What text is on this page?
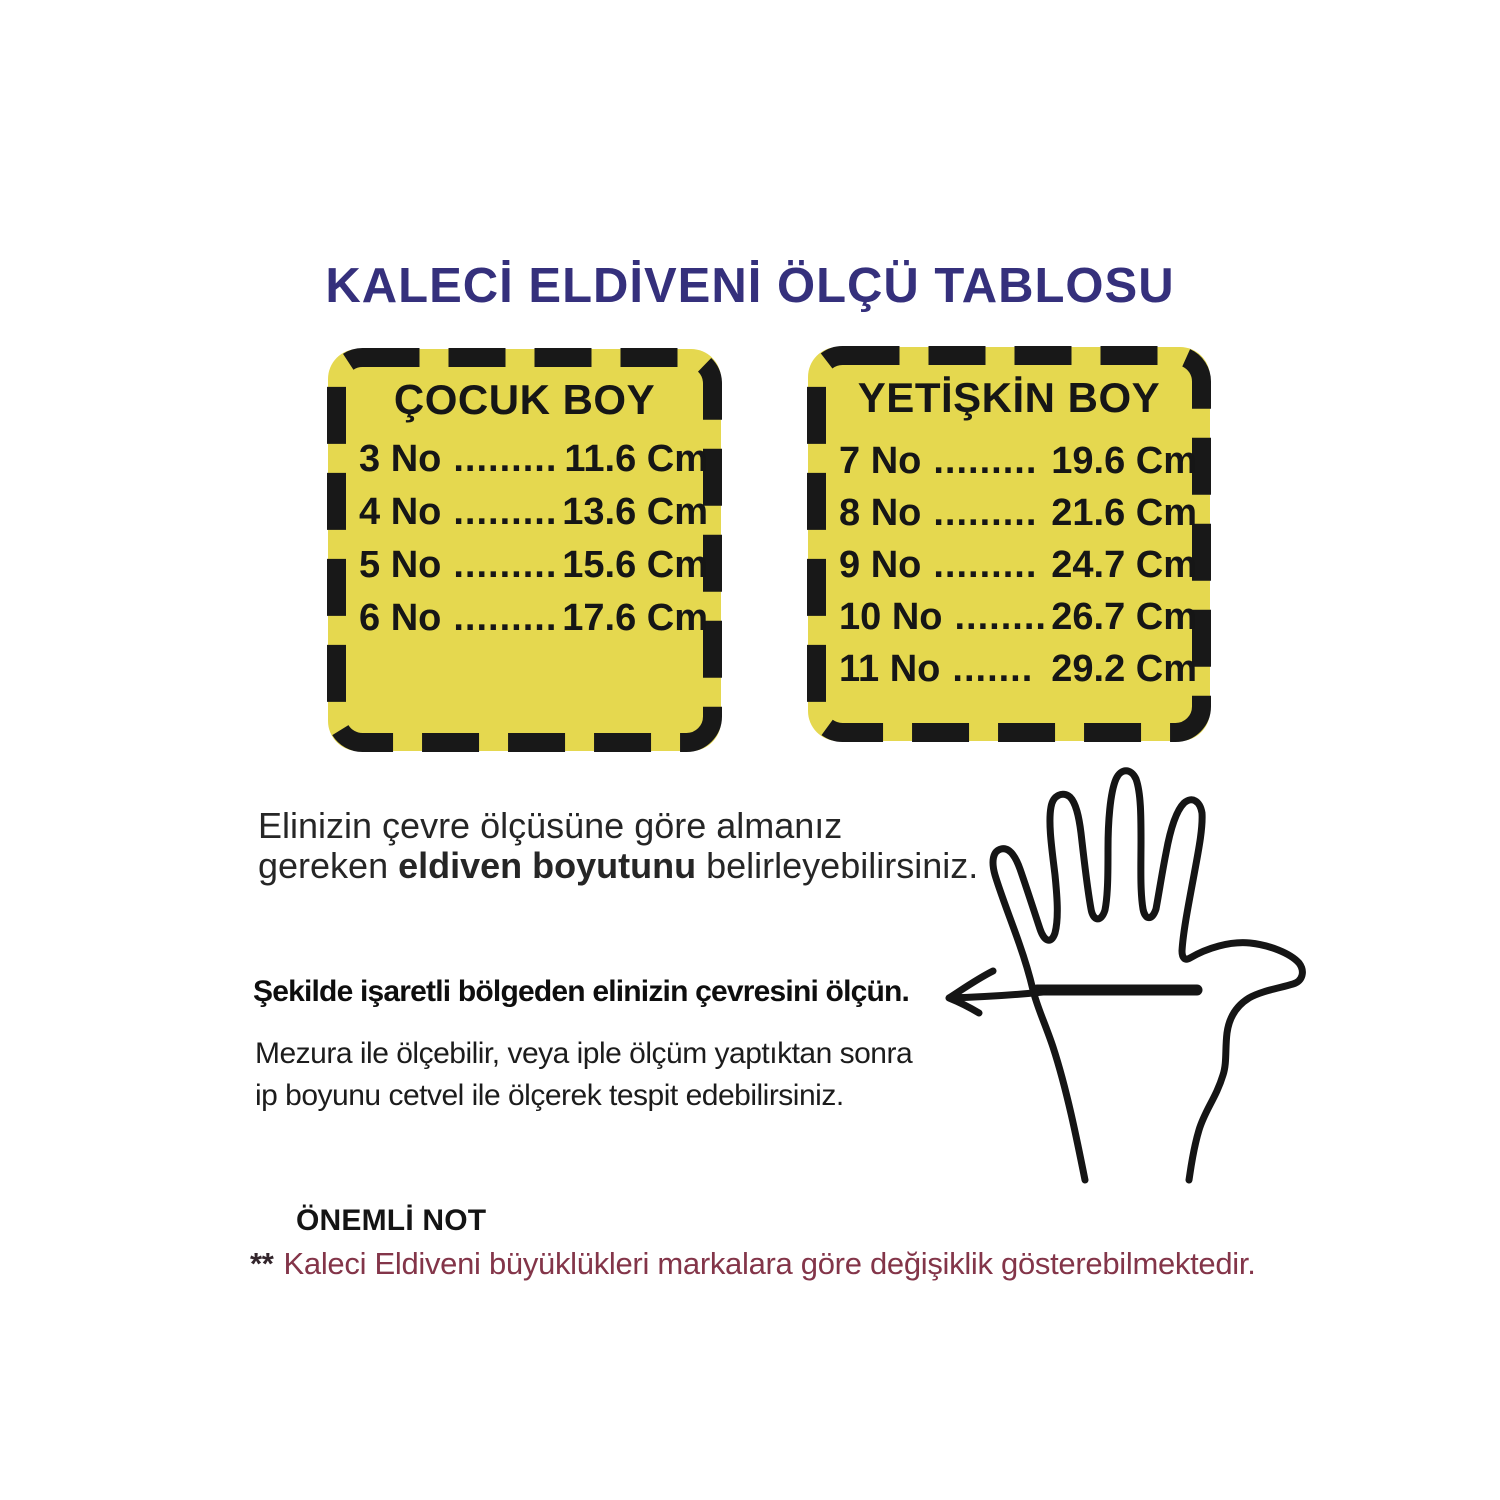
KALECİ ELDİVENİ ÖLÇÜ TABLOSU
ÇOCUK BOY
3 No ......... 11.6 Cm
4 No ......... 13.6 Cm
5 No ......... 15.6 Cm
6 No ......... 17.6 Cm
YETİŞKİN BOY
7 No ......... 19.6 Cm
8 No ......... 21.6 Cm
9 No ......... 24.7 Cm
10 No ........ 26.7 Cm
11 No ....... 29.2 Cm

Elinizin çevre ölçüsüne göre almanız
gereken eldiven boyutunu belirleyebilirsiniz.

Şekilde işaretli bölgeden elinizin çevresini ölçün.

Mezura ile ölçebilir, veya iple ölçüm yaptıktan sonra
ip boyunu cetvel ile ölçerek tespit edebilirsiniz.

ÖNEMLİ NOT

** Kaleci Eldiveni büyüklükleri markalara göre değişiklik gösterebilmektedir.
